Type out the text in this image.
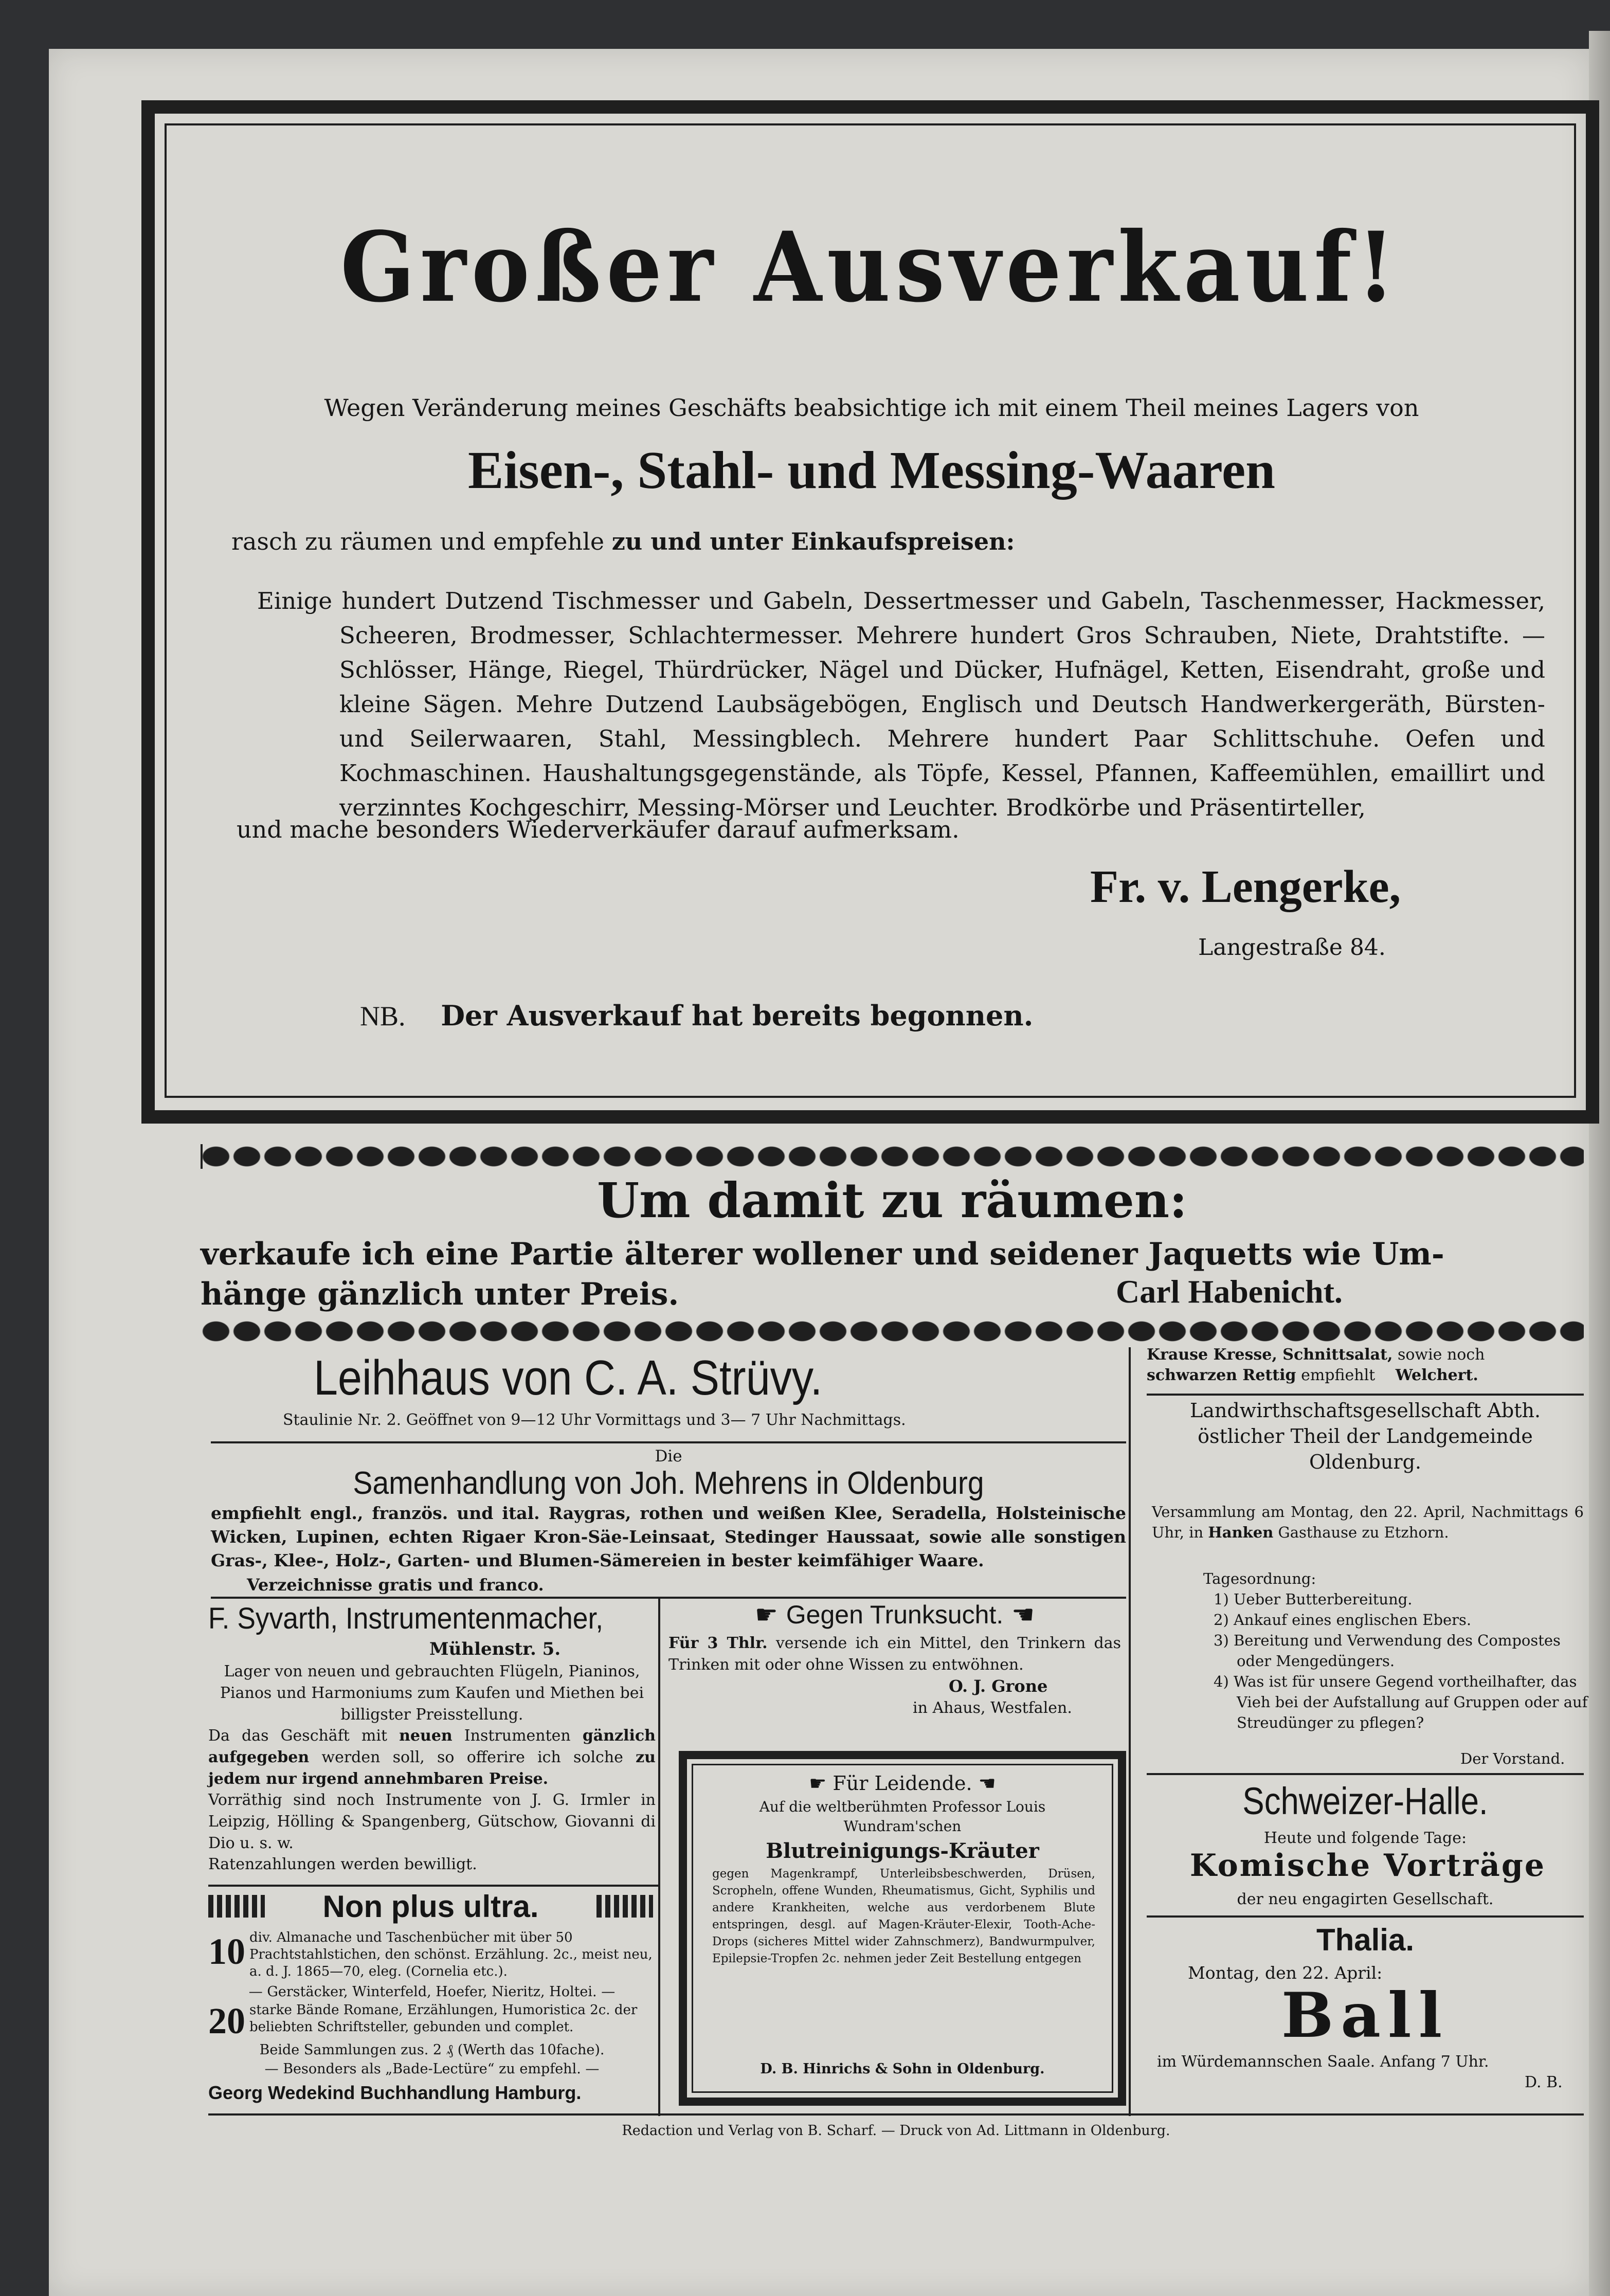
Großer Ausverkauf!
Wegen Veränderung meines Geschäfts beabsichtige ich mit einem Theil meines Lagers von
Eisen-, Stahl- und Messing-Waaren
rasch zu räumen und empfehle zu und unter Einkaufspreisen:
Einige hundert Dutzend Tischmesser und Gabeln, Dessertmesser und Gabeln, Taschenmesser, Hackmesser, Scheeren, Brodmesser, Schlachtermesser. Mehrere hundert Gros Schrauben, Niete, Drahtstifte. — Schlösser, Hänge, Riegel, Thürdrücker, Nägel und Dücker, Hufnägel, Ketten, Eisendraht, große und kleine Sägen. Mehre Dutzend Laubsägebögen, Englisch und Deutsch Handwerkergeräth, Bürsten- und Seilerwaaren, Stahl, Messingblech. Mehrere hundert Paar Schlittschuhe. Oefen und Kochmaschinen. Haushaltungsgegenstände, als Töpfe, Kessel, Pfannen, Kaffeemühlen, emaillirt und verzinntes Kochgeschirr, Messing-Mörser und Leuchter. Brodkörbe und Präsentirteller,
und mache besonders Wiederverkäufer darauf aufmerksam.
Fr. v. Lengerke,
Langestraße 84.
NB. Der Ausverkauf hat bereits begonnen.
Um damit zu räumen:
verkaufe ich eine Partie älterer wollener und seidener Jaquetts wie Um-
hänge gänzlich unter Preis.	Carl Habenicht.
Leihhaus von C. A. Strüvy.
Staulinie Nr. 2. Geöffnet von 9—12 Uhr Vormittags und 3— 7 Uhr Nachmittags.
Die
Samenhandlung von Joh. Mehrens in Oldenburg
empfiehlt engl., französ. und ital. Raygras, rothen und weißen Klee, Seradella, Holsteinische Wicken, Lupinen, echten Rigaer Kron-Säe-Leinsaat, Stedinger Haussaat, sowie alle sonstigen Gras-, Klee-, Holz-, Garten- und Blumen-Sämereien in bester keimfähiger Waare.
Verzeichnisse gratis und franco.
F. Syvarth, Instrumentenmacher,
Mühlenstr. 5.
Lager von neuen und gebrauchten Flügeln, Pianinos, Pianos und Harmoniums zum Kaufen und Miethen bei billigster Preisstellung.
Da das Geschäft mit neuen Instrumenten gänzlich aufgegeben werden soll, so offerire ich solche zu jedem nur irgend annehmbaren Preise.
Vorräthig sind noch Instrumente von J. G. Irmler in Leipzig, Hölling & Spangenberg, Gütschow, Giovanni di Dio u. s. w.
Ratenzahlungen werden bewilligt.
Non plus ultra.
10 div. Almanache und Taschenbücher mit über 50 Prachtstahlstichen, den schönst. Erzählung. 2c., meist neu, a. d. J. 1865—70, eleg. (Cornelia etc.).
— Gerstäcker, Winterfeld, Hoefer, Nieritz, Holtei. —
20 starke Bände Romane, Erzählungen, Humoristica 2c. der beliebten Schriftsteller, gebunden und complet.
Beide Sammlungen zus. 2 ₰ (Werth das 10fache).
— Besonders als „Bade-Lectüre“ zu empfehl. —
Georg Wedekind Buchhandlung Hamburg.
☛ Gegen Trunksucht. ☚
Für 3 Thlr. versende ich ein Mittel, den Trinkern das Trinken mit oder ohne Wissen zu entwöhnen.
O. J. Grone
in Ahaus, Westfalen.
☛ Für Leidende. ☚
Auf die weltberühmten Professor Louis Wundram'schen
Blutreinigungs-Kräuter
gegen Magenkrampf, Unterleibsbeschwerden, Drüsen, Scropheln, offene Wunden, Rheumatismus, Gicht, Syphilis und andere Krankheiten, welche aus verdorbenem Blute entspringen, desgl. auf Magen-Kräuter-Elexir, Tooth-Ache-Drops (sicheres Mittel wider Zahnschmerz), Bandwurmpulver, Epilepsie-Tropfen 2c. nehmen jeder Zeit Bestellung entgegen
D. B. Hinrichs & Sohn in Oldenburg.
Krause Kresse, Schnittsalat, sowie noch
schwarzen Rettig empfiehlt Welchert.
Landwirthschaftsgesellschaft Abth. östlicher Theil der Landgemeinde Oldenburg.
Versammlung am Montag, den 22. April, Nachmittags 6 Uhr, in Hanken Gasthause zu Etzhorn.
Tagesordnung:
1) Ueber Butterbereitung.
2) Ankauf eines englischen Ebers.
3) Bereitung und Verwendung des Compostes oder Mengedüngers.
4) Was ist für unsere Gegend vortheilhafter, das Vieh bei der Aufstallung auf Gruppen oder auf Streudünger zu pflegen?
Der Vorstand.
Schweizer-Halle.
Heute und folgende Tage:
Komische Vorträge
der neu engagirten Gesellschaft.
Thalia.
Montag, den 22. April:
Ball
im Würdemannschen Saale. Anfang 7 Uhr.
D. B.
Redaction und Verlag von B. Scharf. — Druck von Ad. Littmann in Oldenburg.
